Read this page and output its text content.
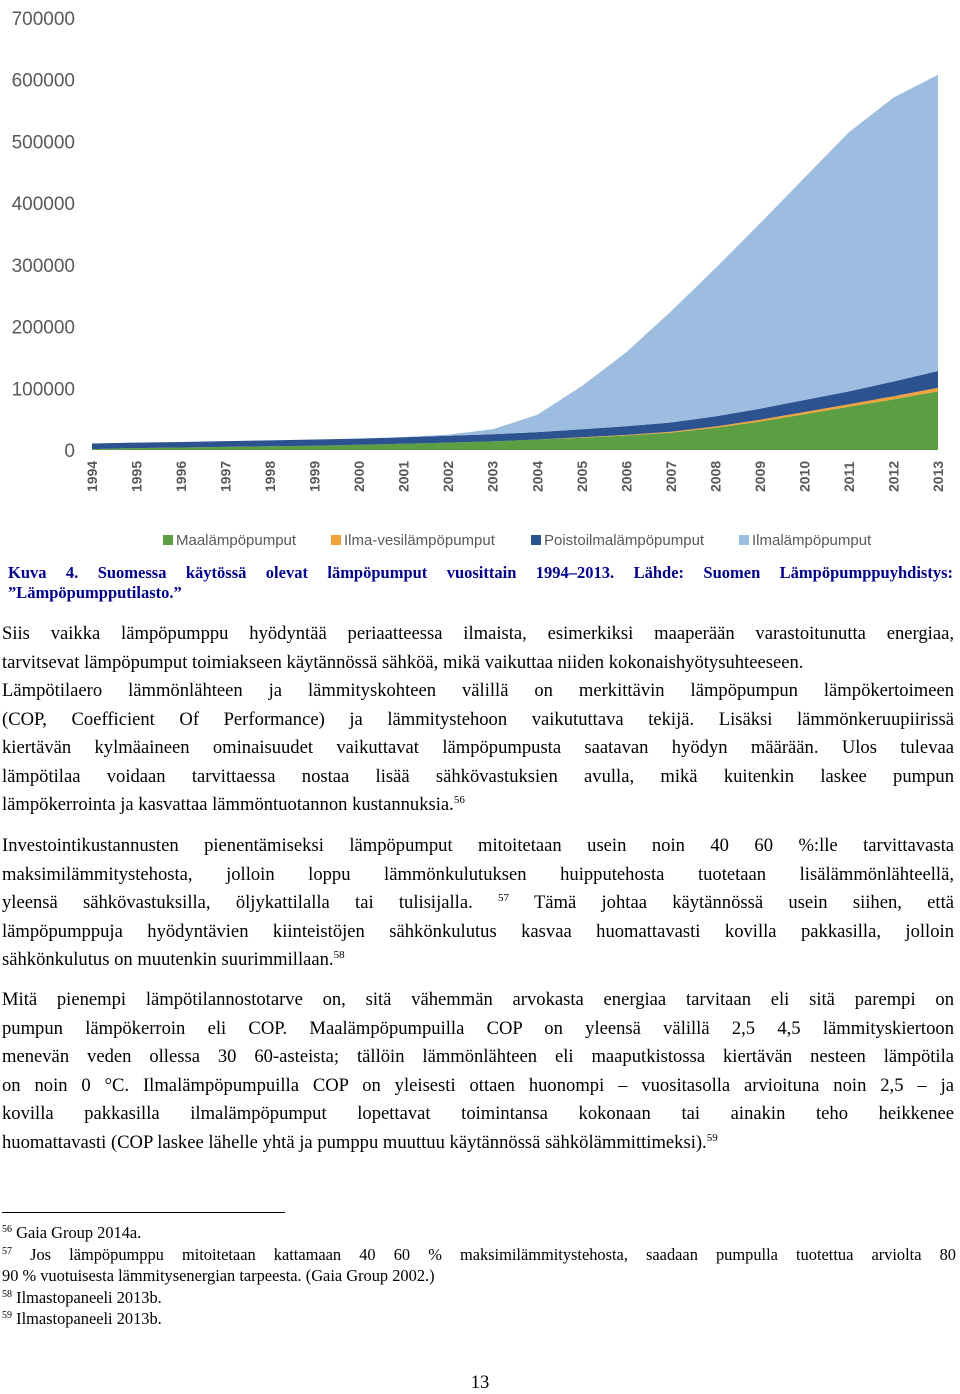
0
100000
200000
300000
400000
500000
600000
700000
1994 1995 1996 1997 1998 1999 2000 2001 2002 2003 2004 2005 2006 2007 2008 2009 2010 2011 2012 2013
Maalämpöpumput	Ilma-vesilämpöpumput	Poistoilmalämpöpumput	Ilmalämpöpumput
Kuva 4. Suomessa käytössä olevat lämpöpumput vuosittain 1994–2013. Lähde: Suomen Lämpöpumppuyhdistys:
”Lämpöpumpputilasto.”
Siis vaikka lämpöpumppu hyödyntää periaatteessa ilmaista, esimerkiksi maaperään varastoitunutta energiaa,
tarvitsevat lämpöpumput toimiakseen käytännössä sähköä, mikä vaikuttaa niiden kokonaishyötysuhteeseen.
Lämpötilaero lämmönlähteen ja lämmityskohteen välillä on merkittävin lämpöpumpun lämpökertoimeen
(COP, Coefficient Of Performance) ja lämmitystehoon vaikututtava tekijä. Lisäksi lämmönkeruupiirissä
kiertävän kylmäaineen ominaisuudet vaikuttavat lämpöpumpusta saatavan hyödyn määrään. Ulos tulevaa
lämpötilaa voidaan tarvittaessa nostaa lisää sähkövastuksien avulla, mikä kuitenkin laskee pumpun
lämpökerrointa ja kasvattaa lämmöntuotannon kustannuksia.$^{56}$
Investointikustannusten pienentämiseksi lämpöpumput mitoitetaan usein noin 40 60 %:lle tarvittavasta
maksimilämmitystehosta, jolloin loppu lämmönkulutuksen huipputehosta tuotetaan lisälämmönlähteellä,
yleensä sähkövastuksilla, öljykattilalla tai tulisijalla. $^{57}$ Tämä johtaa käytännössä usein siihen, että
lämpöpumppuja hyödyntävien kiinteistöjen sähkönkulutus kasvaa huomattavasti kovilla pakkasilla, jolloin
sähkönkulutus on muutenkin suurimmillaan.$^{58}$
Mitä pienempi lämpötilannostotarve on, sitä vähemmän arvokasta energiaa tarvitaan eli sitä parempi on
pumpun lämpökerroin eli COP. Maalämpöpumpuilla COP on yleensä välillä 2,5 4,5 lämmityskiertoon
menevän veden ollessa 30 60-asteista; tällöin lämmönlähteen eli maaputkistossa kiertävän nesteen lämpötila
on noin 0 °C. Ilmalämpöpumpuilla COP on yleisesti ottaen huonompi – vuositasolla arvioituna noin 2,5 – ja
kovilla pakkasilla ilmalämpöpumput lopettavat toimintansa kokonaan tai ainakin teho heikkenee
huomattavasti (COP laskee lähelle yhtä ja pumppu muuttuu käytännössä sähkölämmittimeksi).$^{59}$
$^{56}$ Gaia Group 2014a.
$^{57}$ Jos lämpöpumppu mitoitetaan kattamaan 40 60 % maksimilämmitystehosta, saadaan pumpulla tuotettua arviolta 80
90 % vuotuisesta lämmitysenergian tarpeesta. (Gaia Group 2002.)
$^{58}$ Ilmastopaneeli 2013b.
$^{59}$ Ilmastopaneeli 2013b.
13
